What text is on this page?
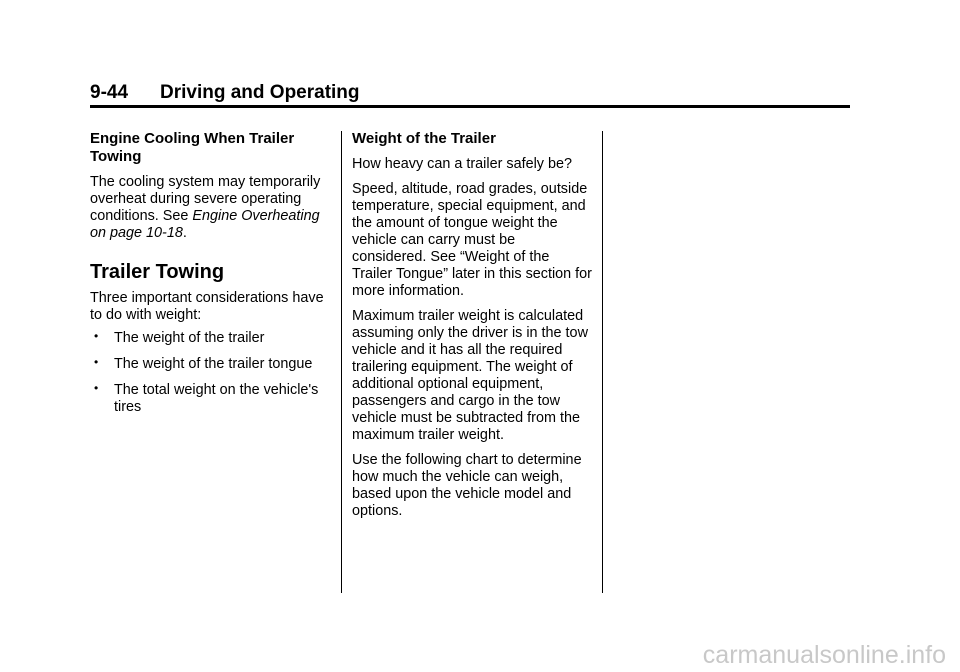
9-44 Driving and Operating
Engine Cooling When Trailer Towing

The cooling system may temporarily overheat during severe operating conditions. See Engine Overheating on page 10-18.

Trailer Towing

Three important considerations have to do with weight:

• The weight of the trailer
• The weight of the trailer tongue
• The total weight on the vehicle's tires
Weight of the Trailer

How heavy can a trailer safely be?

Speed, altitude, road grades, outside temperature, special equipment, and the amount of tongue weight the vehicle can carry must be considered. See “Weight of the Trailer Tongue” later in this section for more information.

Maximum trailer weight is calculated assuming only the driver is in the tow vehicle and it has all the required trailering equipment. The weight of additional optional equipment, passengers and cargo in the tow vehicle must be subtracted from the maximum trailer weight.

Use the following chart to determine how much the vehicle can weigh, based upon the vehicle model and options.

carmanualsonline.info
